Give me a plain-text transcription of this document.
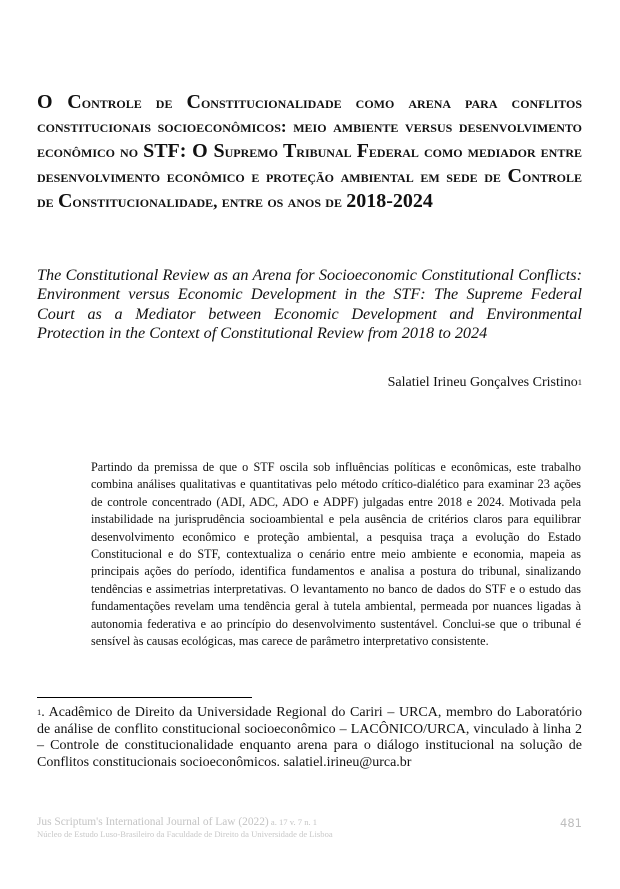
O Controle de Constitucionalidade como arena para conflitos constitucionais socioeconômicos: meio ambiente versus desenvolvimento econômico no STF: O Supremo Tribunal Federal como mediador entre desenvolvimento econômico e proteção ambiental em sede de Controle de Constitucionalidade, entre os anos de 2018-2024

The Constitutional Review as an Arena for Socioeconomic Constitutional Conflicts: Environment versus Economic Development in the STF: The Supreme Federal Court as a Mediator between Economic Development and Environmental Protection in the Context of Constitutional Review from 2018 to 2024

Salatiel Irineu Gonçalves Cristino$^1$

Partindo da premissa de que o STF oscila sob influências políticas e econômicas, este trabalho combina análises qualitativas e quantitativas pelo método crítico-dialético para examinar 23 ações de controle concentrado (ADI, ADC, ADO e ADPF) julgadas entre 2018 e 2024. Motivada pela instabilidade na jurisprudência socioambiental e pela ausência de critérios claros para equilibrar desenvolvimento econômico e proteção ambiental, a pesquisa traça a evolução do Estado Constitucional e do STF, contextualiza o cenário entre meio ambiente e economia, mapeia as principais ações do período, identifica fundamentos e analisa a postura do tribunal, sinalizando tendências e assimetrias interpretativas. O levantamento no banco de dados do STF e o estudo das fundamentações revelam uma tendência geral à tutela ambiental, permeada por nuances ligadas à autonomia federativa e ao princípio do desenvolvimento sustentável. Conclui-se que o tribunal é sensível às causas ecológicas, mas carece de parâmetro interpretativo consistente.

$^1$. Acadêmico de Direito da Universidade Regional do Cariri – URCA, membro do Laboratório de análise de conflito constitucional socioeconômico – LACÔNICO/URCA, vinculado à linha 2 – Controle de constitucionalidade enquanto arena para o diálogo institucional na solução de Conflitos constitucionais socioeconômicos. salatiel.irineu@urca.br

Jus Scriptum's International Journal of Law (2022) a. 17 v. 7 n. 1
Núcleo de Estudo Luso-Brasileiro da Faculdade de Direito da Universidade de Lisboa
481
